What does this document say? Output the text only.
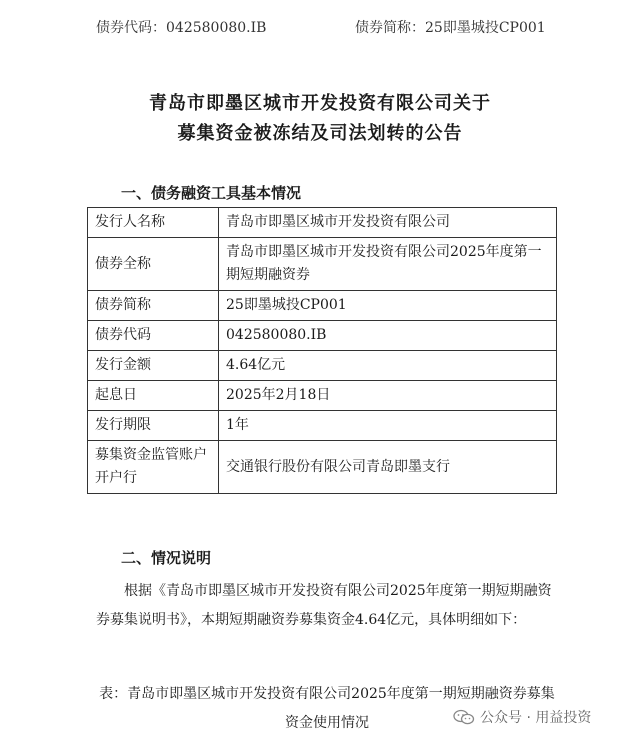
债券代码：042580080.IB	债券简称：25即墨城投CP001
青岛市即墨区城市开发投资有限公司关于
募集资金被冻结及司法划转的公告
一、债务融资工具基本情况
发行人名称	青岛市即墨区城市开发投资有限公司
债券全称	青岛市即墨区城市开发投资有限公司2025年度第一期短期融资券
债券简称	25即墨城投CP001
债券代码	042580080.IB
发行金额	4.64亿元
起息日	2025年2月18日
发行期限	1年
募集资金监管账户开户行	交通银行股份有限公司青岛即墨支行
二、情况说明
根据《青岛市即墨区城市开发投资有限公司2025年度第一期短期融资券募集说明书》，本期短期融资券募集资金4.64亿元，具体明细如下：
表：青岛市即墨区城市开发投资有限公司2025年度第一期短期融资券募集资金使用情况	公众号 · 用益投资
